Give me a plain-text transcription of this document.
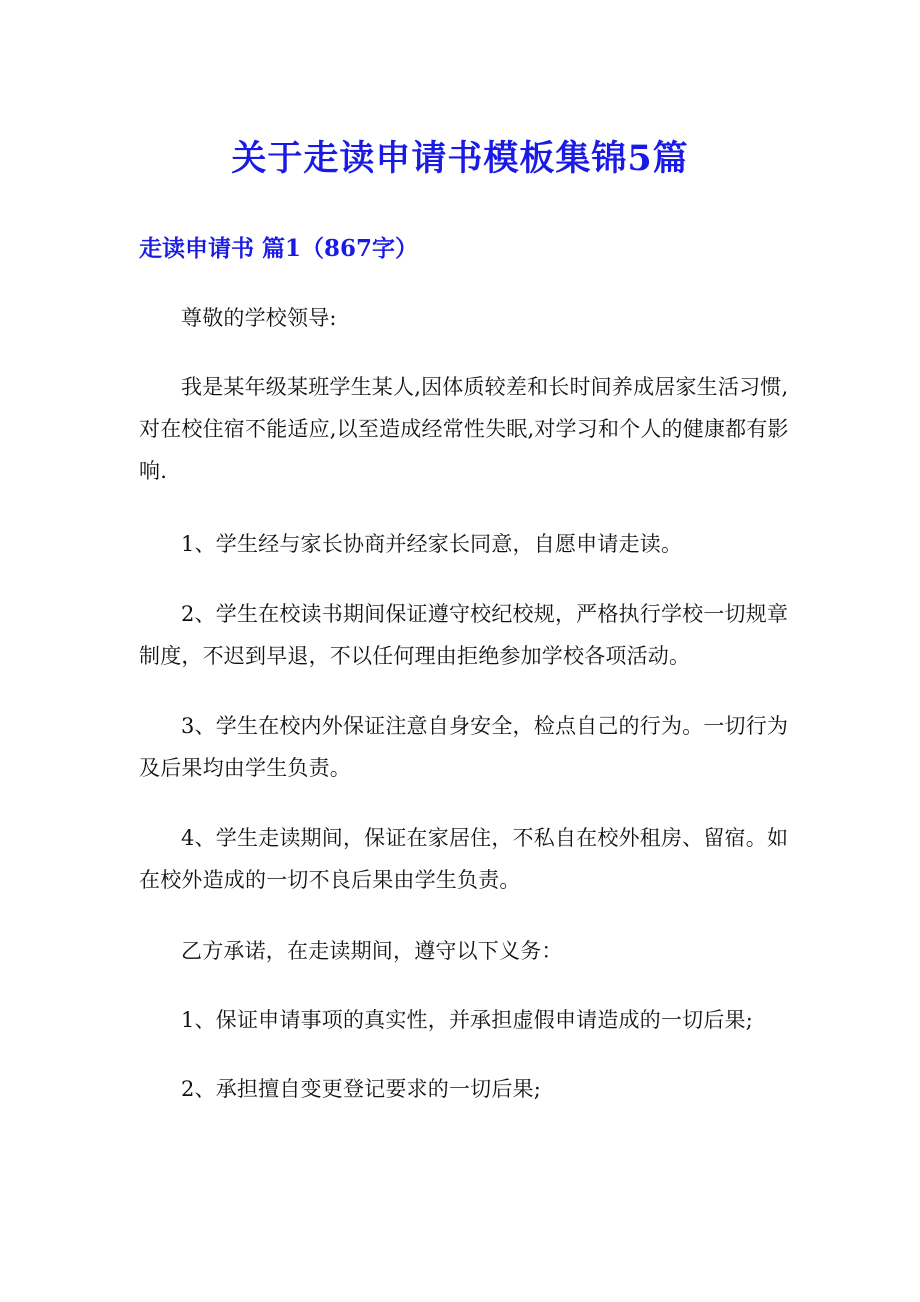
关于走读申请书模板集锦5篇
走读申请书 篇1（867字）

尊敬的学校领导:

我是某年级某班学生某人,因体质较差和长时间养成居家生活习惯,对在校住宿不能适应,以至造成经常性失眠,对学习和个人的健康都有影响.

1、学生经与家长协商并经家长同意，自愿申请走读。

2、学生在校读书期间保证遵守校纪校规，严格执行学校一切规章制度，不迟到早退，不以任何理由拒绝参加学校各项活动。

3、学生在校内外保证注意自身安全，检点自己的行为。一切行为及后果均由学生负责。

4、学生走读期间，保证在家居住，不私自在校外租房、留宿。如在校外造成的一切不良后果由学生负责。

乙方承诺，在走读期间，遵守以下义务：

1、保证申请事项的真实性，并承担虚假申请造成的一切后果;

2、承担擅自变更登记要求的一切后果;
